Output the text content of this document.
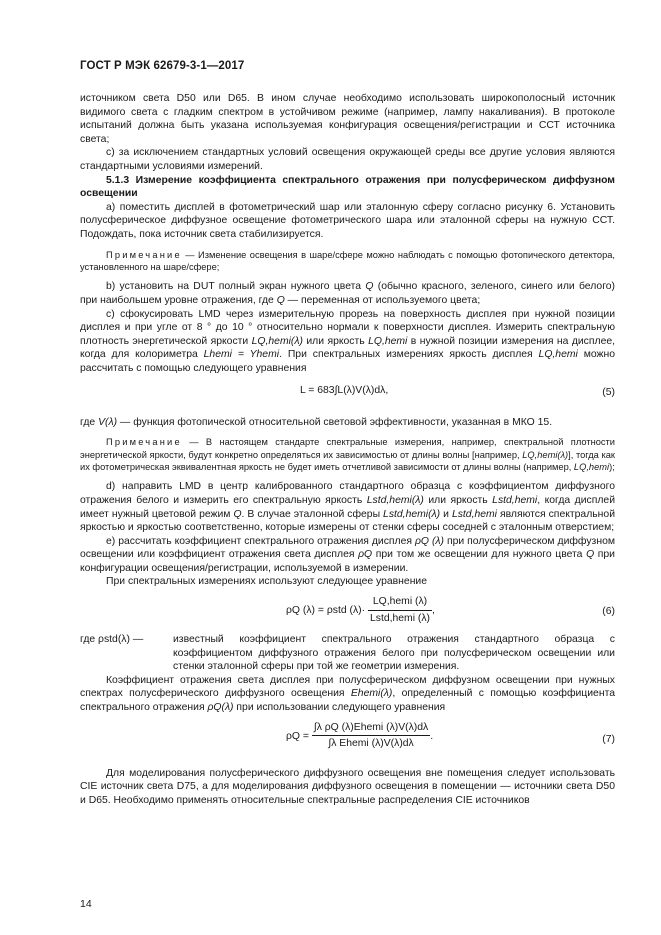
ГОСТ Р МЭК 62679-3-1—2017

источником света D50 или D65. В ином случае необходимо использовать широкополосный источник видимого света с гладким спектром в устойчивом режиме (например, лампу накаливания). В протоколе испытаний должна быть указана используемая конфигурация освещения/регистрации и ССТ источника света;

c) за исключением стандартных условий освещения окружающей среды все другие условия являются стандартными условиями измерений.

5.1.3 Измерение коэффициента спектрального отражения при полусферическом диффузном освещении

a) поместить дисплей в фотометрический шар или эталонную сферу согласно рисунку 6. Установить полусферическое диффузное освещение фотометрического шара или эталонной сферы на нужную ССТ. Подождать, пока источник света стабилизируется.

Примечание — Изменение освещения в шаре/сфере можно наблюдать с помощью фотопического детектора, установленного на шаре/сфере;

b) установить на DUT полный экран нужного цвета Q (обычно красного, зеленого, синего или белого) при наибольшем уровне отражения, где Q — переменная от используемого цвета;

c) сфокусировать LMD через измерительную прорезь на поверхность дисплея при нужной позиции дисплея и при угле от 8 ° до 10 ° относительно нормали к поверхности дисплея. Измерить спектральную плотность энергетической яркости LQ,hemi(λ) или яркость LQ,hemi в нужной позиции измерения на дисплее, когда для колориметра Lhemi = Yhemi. При спектральных измерениях яркость дисплея LQ,hemi можно рассчитать с помощью следующего уравнения

L = 683∫L(λ)V(λ)dλ,	(5)

где V(λ) — функция фотопической относительной световой эффективности, указанная в МКО 15.

Примечание — В настоящем стандарте спектральные измерения, например, спектральной плотности энергетической яркости, будут конкретно определяться их зависимостью от длины волны [например, LQ,hemi(λ)], тогда как их фотометрическая эквивалентная яркость не будет иметь отчетливой зависимости от длины волны (например, LQ,hemi);

d) направить LMD в центр калиброванного стандартного образца с коэффициентом диффузного отражения белого и измерить его спектральную яркость Lstd,hemi(λ) или яркость Lstd,hemi, когда дисплей имеет нужный цветовой режим Q. В случае эталонной сферы Lstd,hemi(λ) и Lstd,hemi являются спектральной яркостью и яркостью соответственно, которые измерены от стенки сферы соседней с эталонным отверстием;

e) рассчитать коэффициент спектрального отражения дисплея ρQ (λ) при полусферическом диффузном освещении или коэффициент отражения света дисплея ρQ при том же освещении для нужного цвета Q при конфигурации освещения/регистрации, используемой в измерении.

При спектральных измерениях используют следующее уравнение

ρQ (λ) = ρstd $(\lambda)\cdot \frac{\text{LQ,hemi (λ)}}{\text{Lstd,hemi (λ)}}$ ,	(6)
где ρstd(λ) —	известный коэффициент спектрального отражения стандартного образца с коэффициентом диффузного отражения белого при полусферическом освещении или стенки эталонной сферы при той же геометрии измерения.

Коэффициент отражения света дисплея при полусферическом диффузном освещении при нужных спектрах полусферического диффузного освещения Ehemi(λ), определенный с помощью коэффициента спектрального отражения ρQ(λ) при использовании следующего уравнения

$\rho Q = \frac{\text{∫λ ρQ (λ)Ehemi (λ)V(λ)dλ}}{\text{∫λ Ehemi (λ)V(λ)dλ}}$ .	(7)

Для моделирования полусферического диффузного освещения вне помещения следует использовать CIE источник света D75, а для моделирования диффузного освещения в помещении — источники света D50 и D65. Необходимо применять относительные спектральные распределения CIE источников

14
